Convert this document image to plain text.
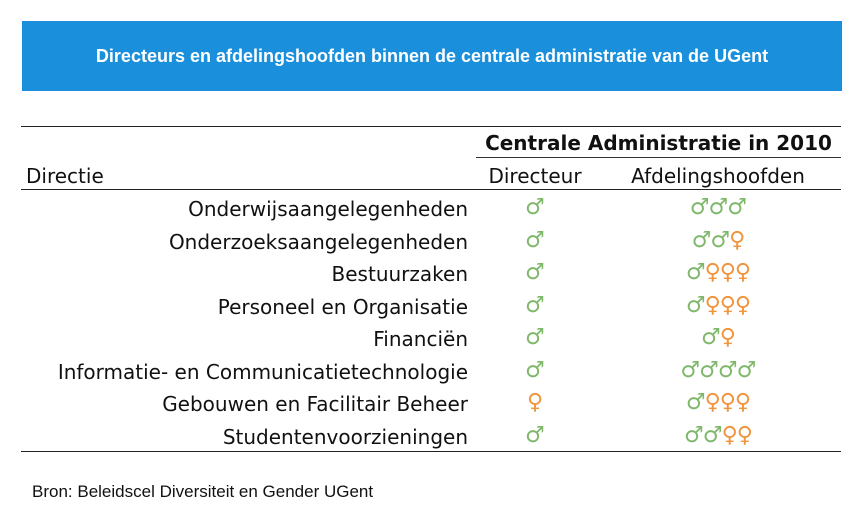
Directeurs en afdelingshoofden binnen de centrale administratie van de UGent
Centrale Administratie in 2010
Directie	Directeur	Afdelingshoofden
Onderwijsaangelegenheden	♂	♂♂♂
Onderzoeksaangelegenheden	♂	♂♂♀
Bestuurzaken	♂	♂♀♀♀
Personeel en Organisatie	♂	♂♀♀♀
Financiën	♂	♂♀
Informatie- en Communicatietechnologie	♂	♂♂♂♂
Gebouwen en Facilitair Beheer	♀	♂♀♀♀
Studentenvoorzieningen	♂	♂♂♀♀
Bron: Beleidscel Diversiteit en Gender UGent
